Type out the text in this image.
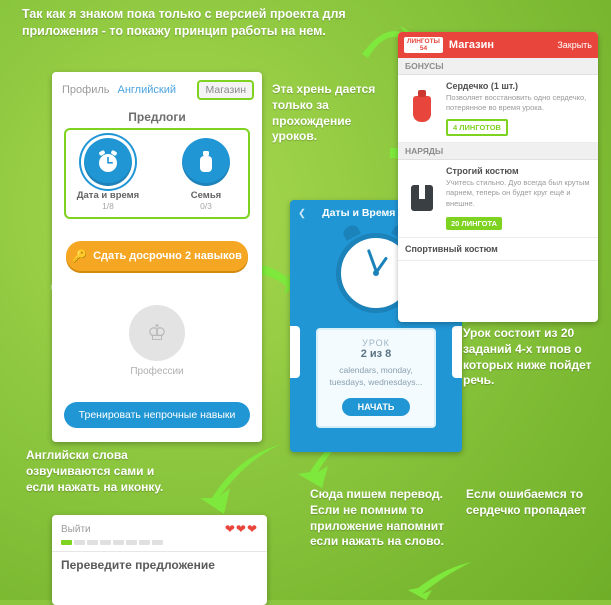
Так как я знаком пока только с версией проекта для приложения - то покажу принцип работы на нем.
Профиль Английский	Магазин
Предлоги
Дата и время
1/8
Семья
0/3
🔑 Сдать досрочно 2 навыков
♔
Профессии
Тренировать непрочные навыки
Эта хрень дается только за прохождение уроков.
❮ Даты и Время
УРОК
2 из 8
calendars, monday, tuesdays, wednesdays...
НАЧАТЬ
ЛИНГОТЫ
54	Магазин	Закрыть
БОНУСЫ
Сердечко (1 шт.)
Позволяет восстановить одно сердечко, потерянное во время урока.
4 ЛИНГОТОВ
НАРЯДЫ
Строгий костюм
Учитесь стильно. Дуо всегда был крутым парнем, теперь он будет круг ещё и внешне.
20 ЛИНГОТА
Спортивный костюм
Урок состоит из 20 заданий 4-х типов о которых ниже пойдет речь.
Английски слова озвучиваются сами и если нажать на иконку.
Сюда пишем перевод. Если не помним то приложение напомнит если нажать на слово.
Если ошибаемся то сердечко пропадает
Выйти	❤❤❤
Переведите предложение
